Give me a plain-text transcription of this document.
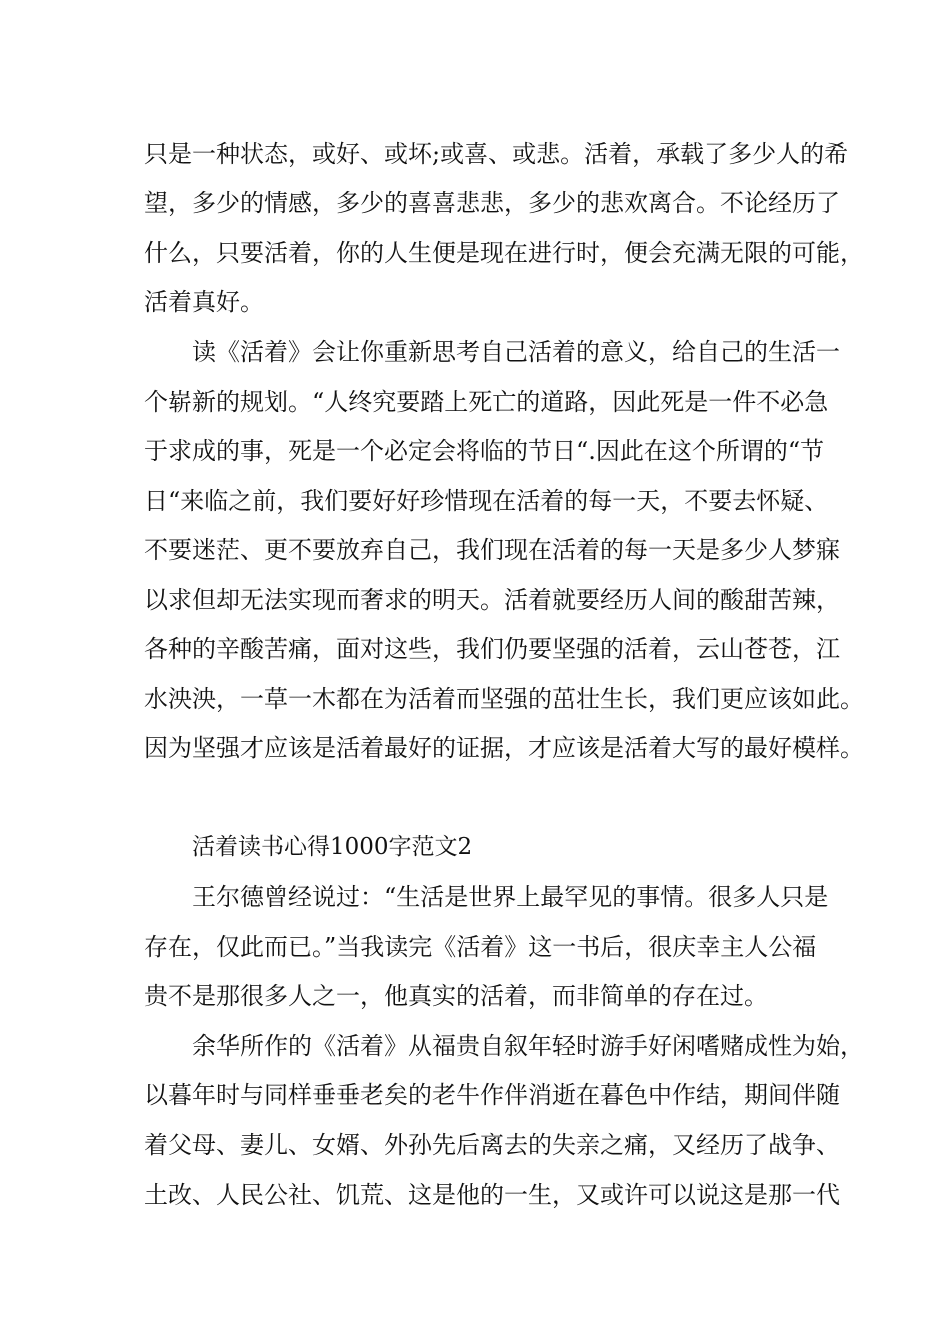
只是一种状态，或好、或坏;或喜、或悲。活着，承载了多少人的希
望，多少的情感，多少的喜喜悲悲，多少的悲欢离合。不论经历了
什么，只要活着，你的人生便是现在进行时，便会充满无限的可能，
活着真好。
读《活着》会让你重新思考自己活着的意义，给自己的生活一
个崭新的规划。“人终究要踏上死亡的道路，因此死是一件不必急
于求成的事，死是一个必定会将临的节日“.因此在这个所谓的“节
日“来临之前，我们要好好珍惜现在活着的每一天，不要去怀疑、
不要迷茫、更不要放弃自己，我们现在活着的每一天是多少人梦寐
以求但却无法实现而奢求的明天。活着就要经历人间的酸甜苦辣，
各种的辛酸苦痛，面对这些，我们仍要坚强的活着，云山苍苍，江
水泱泱，一草一木都在为活着而坚强的茁壮生长，我们更应该如此。
因为坚强才应该是活着最好的证据，才应该是活着大写的最好模样。
活着读书心得1000字范文2
王尔德曾经说过：“生活是世界上最罕见的事情。很多人只是
存在，仅此而已。”当我读完《活着》这一书后，很庆幸主人公福
贵不是那很多人之一，他真实的活着，而非简单的存在过。
余华所作的《活着》从福贵自叙年轻时游手好闲嗜赌成性为始，
以暮年时与同样垂垂老矣的老牛作伴消逝在暮色中作结，期间伴随
着父母、妻儿、女婿、外孙先后离去的失亲之痛，又经历了战争、
土改、人民公社、饥荒、这是他的一生，又或许可以说这是那一代
